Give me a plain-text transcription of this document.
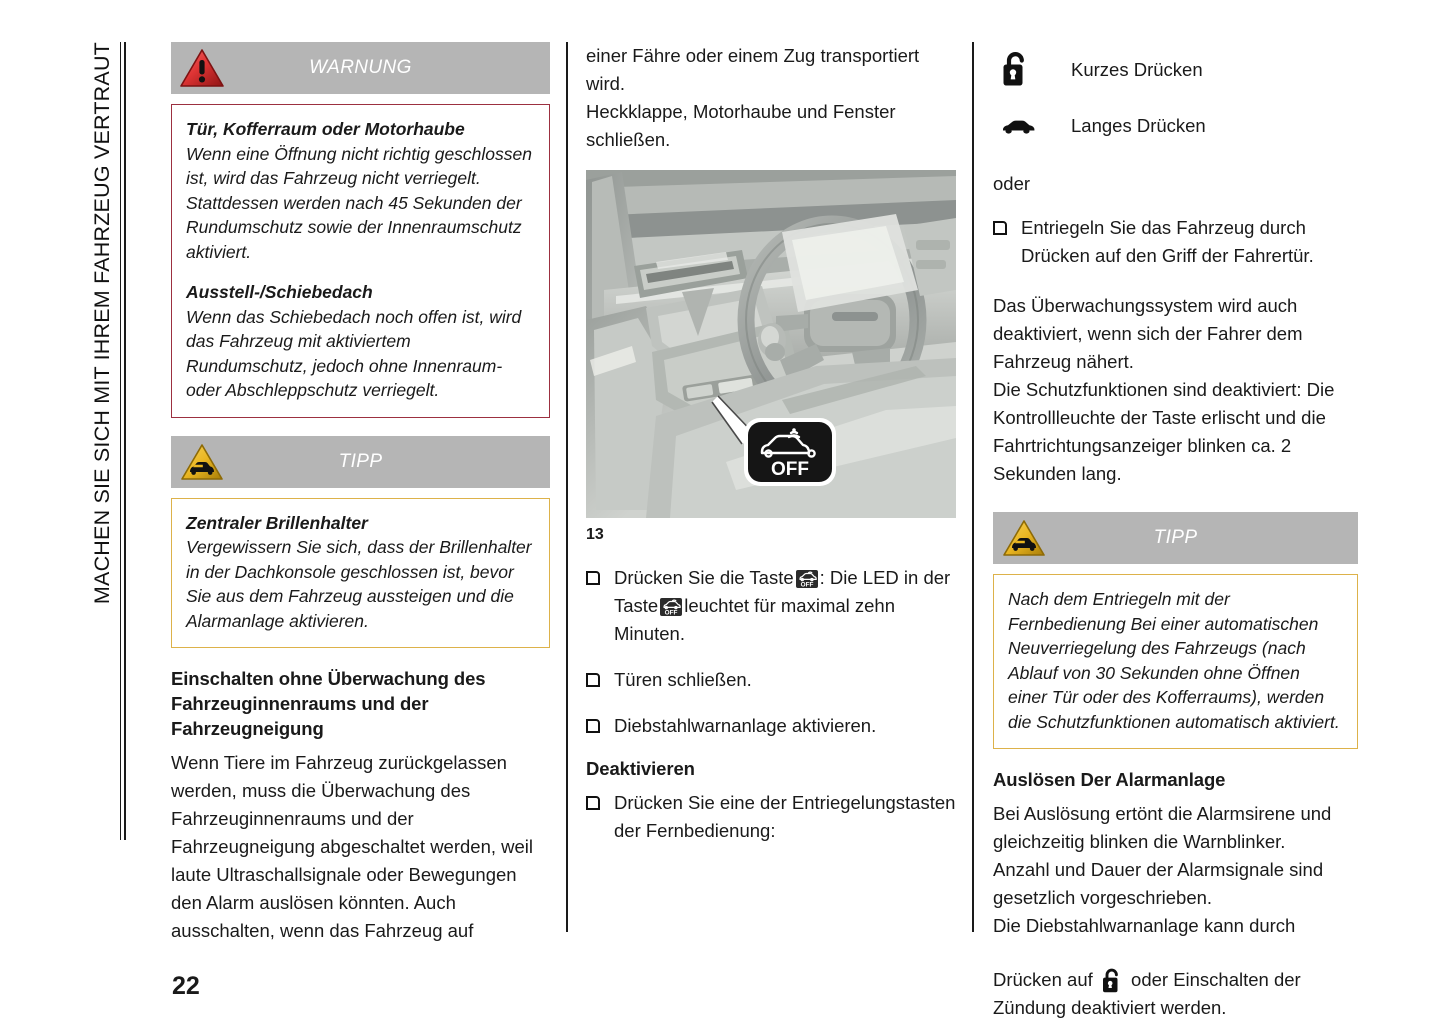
MACHEN SIE SICH MIT IHREM FAHRZEUG VERTRAUT	WARNUNG

Tür, Kofferraum oder Motorhaube

Wenn eine Öffnung nicht richtig geschlossen ist, wird das Fahrzeug nicht verriegelt. Stattdessen werden nach 45 Sekunden der Rundumschutz sowie der Innenraumschutz aktiviert.

Ausstell-/Schiebedach

Wenn das Schiebedach noch offen ist, wird das Fahrzeug mit aktiviertem Rundumschutz, jedoch ohne Innenraum- oder Abschleppschutz verriegelt.

TIPP

Zentraler Brillenhalter

Vergewissern Sie sich, dass der Brillenhalter in der Dachkonsole geschlossen ist, bevor Sie aus dem Fahrzeug aussteigen und die Alarmanlage aktivieren.

Einschalten ohne Überwachung des Fahrzeuginnenraums und der Fahrzeugneigung

Wenn Tiere im Fahrzeug zurückgelassen werden, muss die Überwachung des Fahrzeuginnenraums und der Fahrzeugneigung abgeschaltet werden, weil laute Ultraschallsignale oder Bewegungen den Alarm auslösen könnten. Auch ausschalten, wenn das Fahrzeug auf

einer Fähre oder einem Zug transportiert wird.

Heckklappe, Motorhaube und Fenster schließen.

OFF
13
Drücken Sie die Taste OFF : Die LED in der Taste OFF leuchtet für maximal zehn Minuten.
Türen schließen.
Diebstahlwarnanlage aktivieren.
Deaktivieren
Drücken Sie eine der Entriegelungstasten der Fernbedienung:
Kurzes Drücken
Langes Drücken

oder

Entriegeln Sie das Fahrzeug durch Drücken auf den Griff der Fahrertür.

Das Überwachungssystem wird auch deaktiviert, wenn sich der Fahrer dem Fahrzeug nähert.

Die Schutzfunktionen sind deaktiviert: Die Kontrollleuchte der Taste erlischt und die Fahrtrichtungsanzeiger blinken ca. 2 Sekunden lang.

TIPP

Nach dem Entriegeln mit der Fernbedienung Bei einer automatischen Neuverriegelung des Fahrzeugs (nach Ablauf von 30 Sekunden ohne Öffnen einer Tür oder des Kofferraums), werden die Schutzfunktionen automatisch aktiviert.

Auslösen Der Alarmanlage

Bei Auslösung ertönt die Alarmsirene und gleichzeitig blinken die Warnblinker.

Anzahl und Dauer der Alarmsignale sind gesetzlich vorgeschrieben.

Die Diebstahlwarnanlage kann durch

Drücken auf oder Einschalten der Zündung deaktiviert werden.

22
